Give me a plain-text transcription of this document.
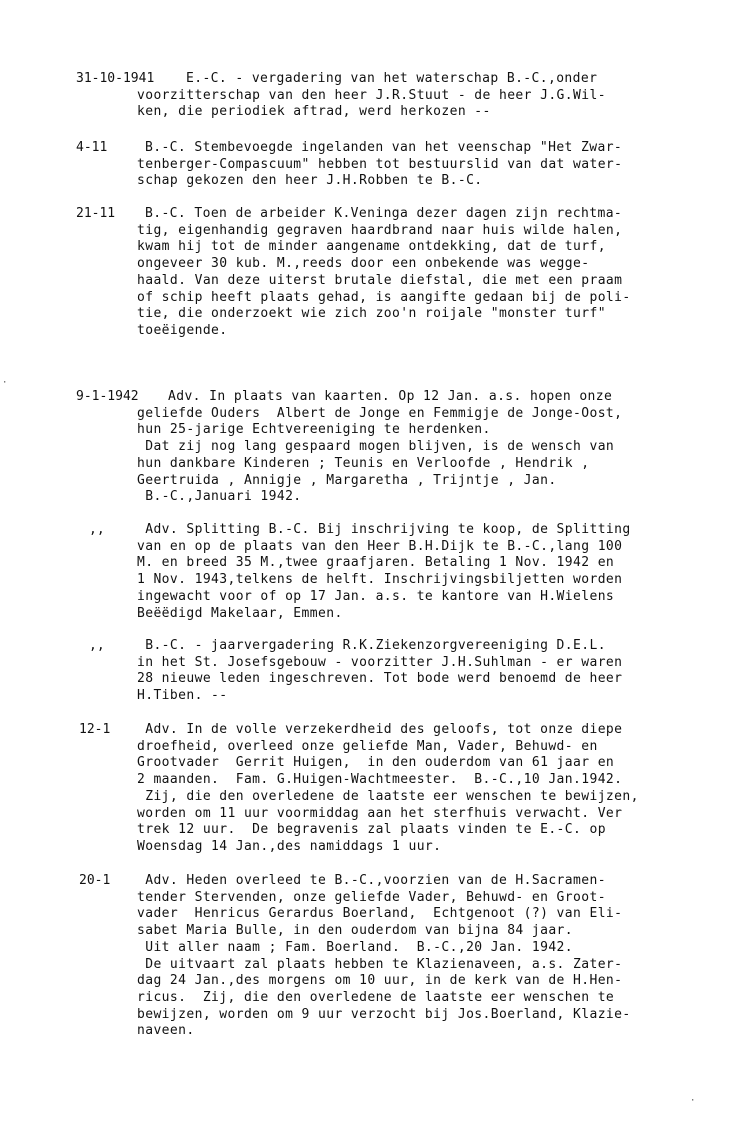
31-10-1941 E.-C. - vergadering van het waterschap B.-C.,onder
voorzitterschap van den heer J.R.Stuut - de heer J.G.Wil-
ken, die periodiek aftrad, werd herkozen --
4-11	B.-C. Stembevoegde ingelanden van het veenschap "Het Zwar-
tenberger-Compascuum" hebben tot bestuurslid van dat water-
schap gekozen den heer J.H.Robben te B.-C.
21-11 B.-C. Toen de arbeider K.Veninga dezer dagen zijn rechtma-
tig, eigenhandig gegraven haardbrand naar huis wilde halen,
kwam hij tot de minder aangename ontdekking, dat de turf,
ongeveer 30 kub. M.,reeds door een onbekende was wegge-
haald. Van deze uiterst brutale diefstal, die met een praam
of schip heeft plaats gehad, is aangifte gedaan bij de poli-
tie, die onderzoekt wie zich zoo'n roijale "monster turf"
toeëigende.
·
9-1-1942 Adv. In plaats van kaarten. Op 12 Jan. a.s. hopen onze
geliefde Ouders  Albert de Jonge en Femmigje de Jonge-Oost,
hun 25-jarige Echtvereeniging te herdenken.
Dat zij nog lang gespaard mogen blijven, is de wensch van
hun dankbare Kinderen ; Teunis en Verloofde , Hendrik ,
Geertruida , Annigje , Margaretha , Trijntje , Jan.
B.-C.,Januari 1942.
,, Adv. Splitting B.-C. Bij inschrijving te koop, de Splitting
van en op de plaats van den Heer B.H.Dijk te B.-C.,lang 100
M. en breed 35 M.,twee graafjaren. Betaling 1 Nov. 1942 en
1 Nov. 1943,telkens de helft. Inschrijvingsbiljetten worden
ingewacht voor of op 17 Jan. a.s. te kantore van H.Wielens
Beëëdigd Makelaar, Emmen.
,, B.-C. - jaarvergadering R.K.Ziekenzorgvereeniging D.E.L.
in het St. Josefsgebouw - voorzitter J.H.Suhlman - er waren
28 nieuwe leden ingeschreven. Tot bode werd benoemd de heer
H.Tiben. --
12-1 Adv. In de volle verzekerdheid des geloofs, tot onze diepe
droefheid, overleed onze geliefde Man, Vader, Behuwd- en
Grootvader  Gerrit Huigen,  in den ouderdom van 61 jaar en
2 maanden.  Fam. G.Huigen-Wachtmeester.  B.-C.,10 Jan.1942.
Zij, die den overledene de laatste eer wenschen te bewijzen,
worden om 11 uur voormiddag aan het sterfhuis verwacht. Ver
trek 12 uur.  De begravenis zal plaats vinden te E.-C. op
Woensdag 14 Jan.,des namiddags 1 uur.
20-1 Adv. Heden overleed te B.-C.,voorzien van de H.Sacramen-
tender Stervenden, onze geliefde Vader, Behuwd- en Groot-
vader  Henricus Gerardus Boerland,  Echtgenoot (?) van Eli-
sabet Maria Bulle, in den ouderdom van bijna 84 jaar.
Uit aller naam ; Fam. Boerland.  B.-C.,20 Jan. 1942.
De uitvaart zal plaats hebben te Klazienaveen, a.s. Zater-
dag 24 Jan.,des morgens om 10 uur, in de kerk van de H.Hen-
ricus.  Zij, die den overledene de laatste eer wenschen te
bewijzen, worden om 9 uur verzocht bij Jos.Boerland, Klazie-
naveen.
·
